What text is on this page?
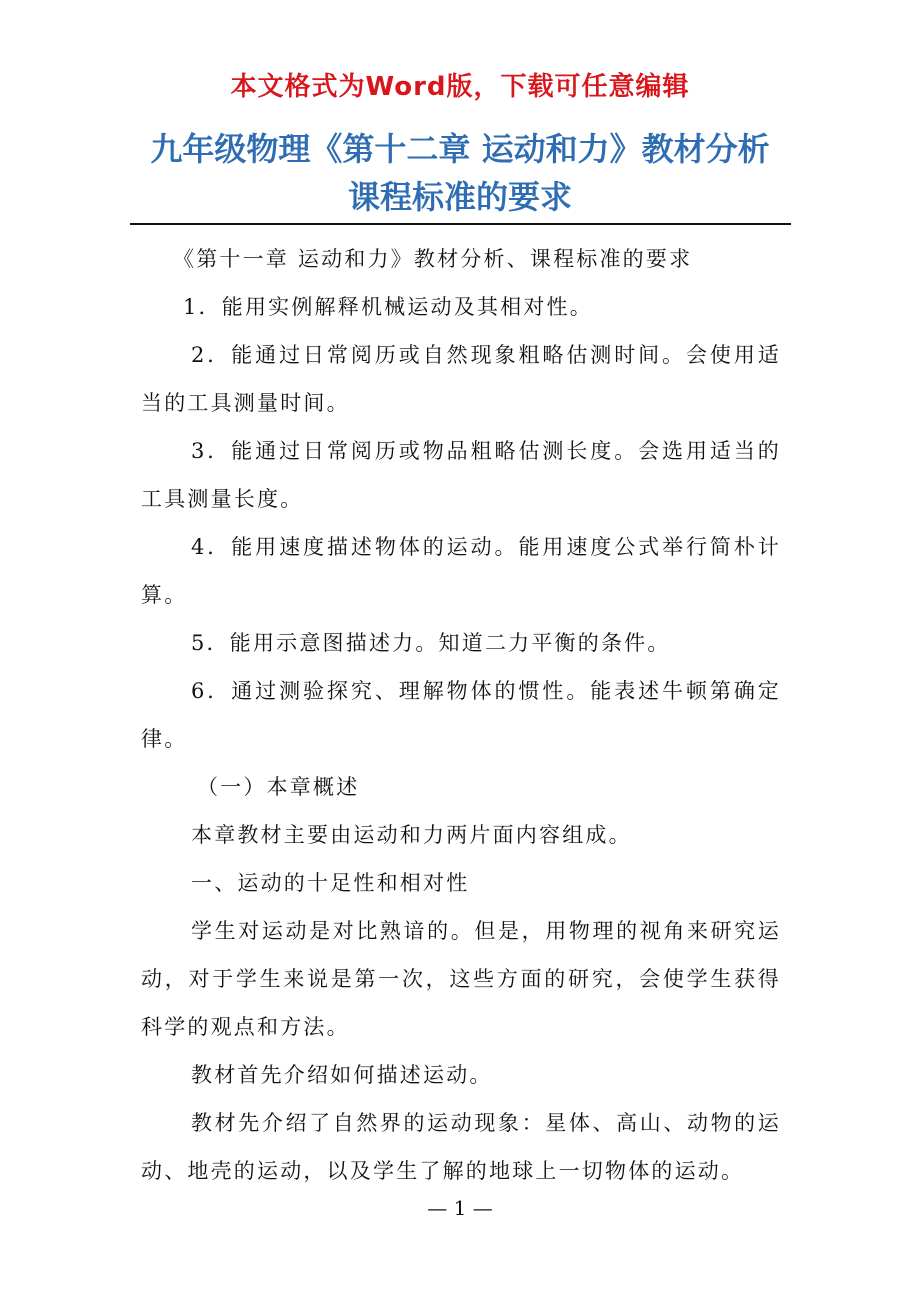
本文格式为Word版，下载可任意编辑
九年级物理《第十二章 运动和力》教材分析
课程标准的要求

《第十一章 运动和力》教材分析、课程标准的要求

1．能用实例解释机械运动及其相对性。

2．能通过日常阅历或自然现象粗略估测时间。会使用适当的工具测量时间。

3．能通过日常阅历或物品粗略估测长度。会选用适当的工具测量长度。

4．能用速度描述物体的运动。能用速度公式举行简朴计算。

5．能用示意图描述力。知道二力平衡的条件。

6．通过测验探究、理解物体的惯性。能表述牛顿第确定律。

（一）本章概述

本章教材主要由运动和力两片面内容组成。

一、运动的十足性和相对性

学生对运动是对比熟谙的。但是，用物理的视角来研究运动，对于学生来说是第一次，这些方面的研究，会使学生获得科学的观点和方法。

教材首先介绍如何描述运动。

教材先介绍了自然界的运动现象：星体、高山、动物的运动、地壳的运动，以及学生了解的地球上一切物体的运动。

— 1 —
